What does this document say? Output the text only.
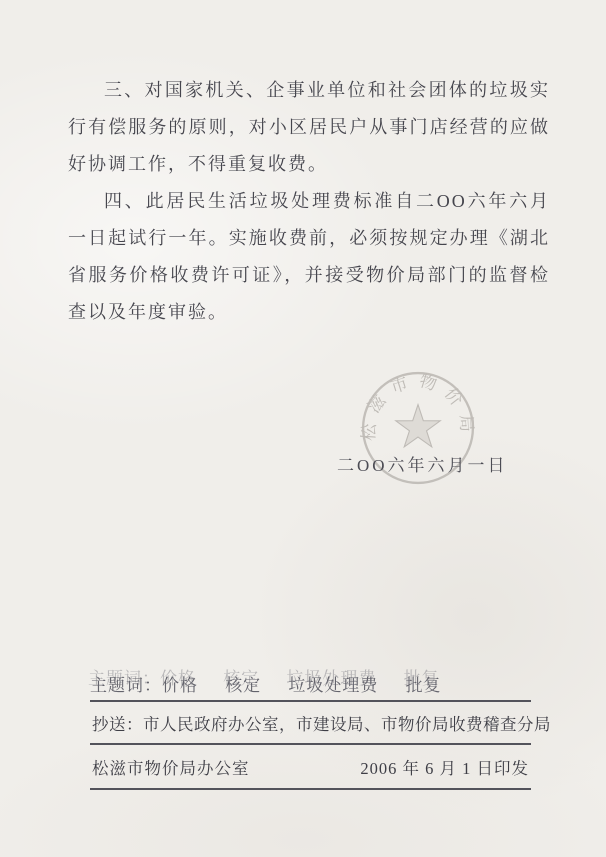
三、对国家机关、企事业单位和社会团体的垃圾实行有偿服务的原则，对小区居民户从事门店经营的应做好协调工作，不得重复收费。

四、此居民生活垃圾处理费标准自二OO六年六月一日起试行一年。实施收费前，必须按规定办理《湖北省服务价格收费许可证》，并接受物价局部门的监督检查以及年度审验。

松滋市物价局
二OO六年六月一日
主题词：价格 核定 垃圾处理费 批复
抄送：市人民政府办公室，市建设局、市物价局收费稽查分局
松滋市物价局办公室	2006 年 6 月 1 日印发
